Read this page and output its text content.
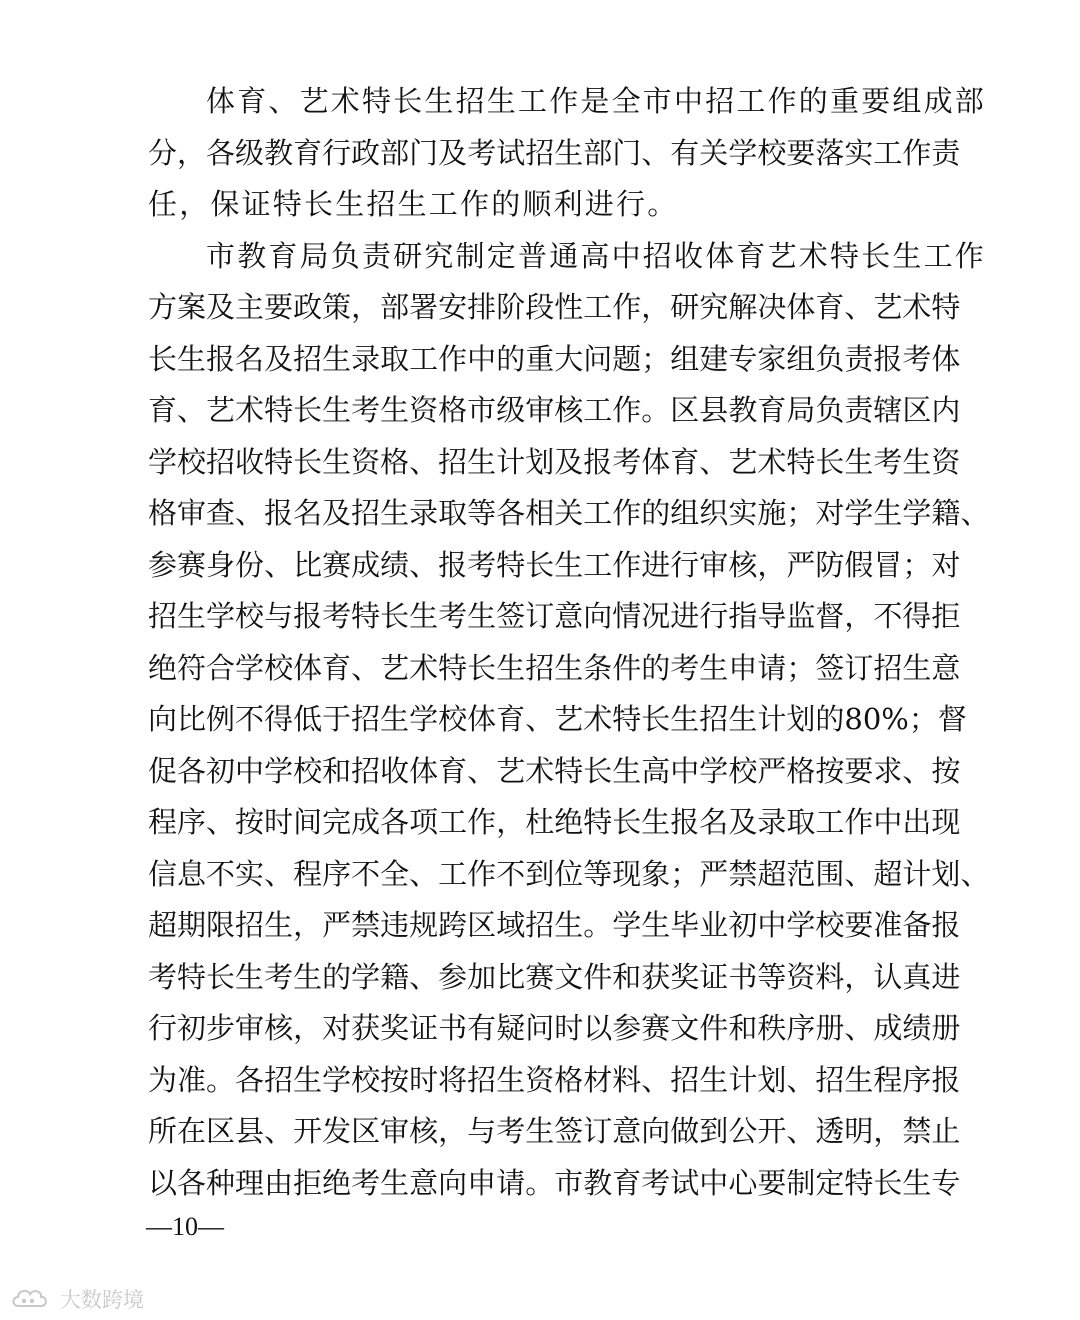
体育、艺术特长生招生工作是全市中招工作的重要组成部
分 ， 各 级 教 育 行 政 部 门 及 考 试 招 生 部 门 、 有 关 学 校 要 落 实 工 作 责
任，保证特长生招生工作的顺利进行。
市教育局负责研究制定普通高中招收体育艺术特长生工作
方 案 及 主 要 政 策 ， 部 署 安 排 阶 段 性 工 作 ， 研 究 解 决 体 育 、 艺 术 特
长 生 报 名 及 招 生 录 取 工 作 中 的 重 大 问 题 ； 组 建 专 家 组 负 责 报 考 体
育 、 艺 术 特 长 生 考 生 资 格 市 级 审 核 工 作 。 区 县 教 育 局 负 责 辖 区 内
学 校 招 收 特 长 生 资 格 、 招 生 计 划 及 报 考 体 育 、 艺 术 特 长 生 考 生 资
格 审 查 、 报 名 及 招 生 录 取 等 各 相 关 工 作 的 组 织 实 施 ； 对 学 生 学 籍 、
参 赛 身 份 、 比 赛 成 绩 、 报 考 特 长 生 工 作 进 行 审 核 ， 严 防 假 冒 ； 对
招 生 学 校 与 报 考 特 长 生 考 生 签 订 意 向 情 况 进 行 指 导 监 督 ， 不 得 拒
绝 符 合 学 校 体 育 、 艺 术 特 长 生 招 生 条 件 的 考 生 申 请 ； 签 订 招 生 意
向 比 例 不 得 低 于 招 生 学 校 体 育 、 艺 术 特 长 生 招 生 计 划 的 80% ； 督
促 各 初 中 学 校 和 招 收 体 育 、 艺 术 特 长 生 高 中 学 校 严 格 按 要 求 、 按
程 序 、 按 时 间 完 成 各 项 工 作 ， 杜 绝 特 长 生 报 名 及 录 取 工 作 中 出 现
信 息 不 实 、 程 序 不 全 、 工 作 不 到 位 等 现 象 ； 严 禁 超 范 围 、 超 计 划 、
超 期 限 招 生 ， 严 禁 违 规 跨 区 域 招 生 。 学 生 毕 业 初 中 学 校 要 准 备 报
考 特 长 生 考 生 的 学 籍 、 参 加 比 赛 文 件 和 获 奖 证 书 等 资 料 ， 认 真 进
行 初 步 审 核 ， 对 获 奖 证 书 有 疑 问 时 以 参 赛 文 件 和 秩 序 册 、 成 绩 册
为 准 。 各 招 生 学 校 按 时 将 招 生 资 格 材 料 、 招 生 计 划 、 招 生 程 序 报
所 在 区 县 、 开 发 区 审 核 ， 与 考 生 签 订 意 向 做 到 公 开 、 透 明 ， 禁 止
以 各 种 理 由 拒 绝 考 生 意 向 申 请 。 市 教 育 考 试 中 心 要 制 定 特 长 生 专
—10—
大数跨境
